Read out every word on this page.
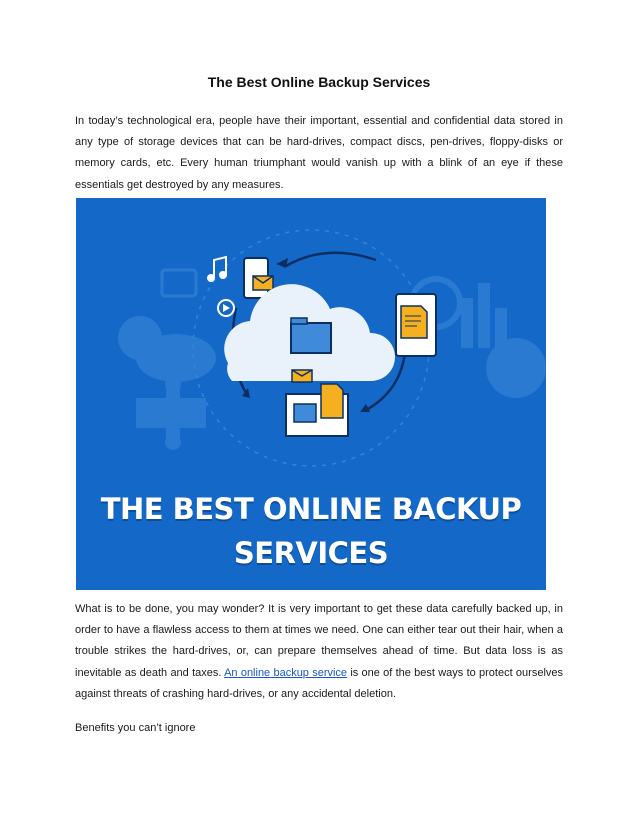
The Best Online Backup Services

In today’s technological era, people have their important, essential and confidential data stored in any type of storage devices that can be hard-drives, compact discs, pen-drives, floppy-disks or memory cards, etc. Every human triumphant would vanish up with a blink of an eye if these essentials get destroyed by any measures.

THE BEST ONLINE BACKUP
SERVICES

What is to be done, you may wonder? It is very important to get these data carefully backed up, in order to have a flawless access to them at times we need. One can either tear out their hair, when a trouble strikes the hard-drives, or, can prepare themselves ahead of time. But data loss is as inevitable as death and taxes. An online backup service is one of the best ways to protect ourselves against threats of crashing hard-drives, or any accidental deletion.

Benefits you can’t ignore
